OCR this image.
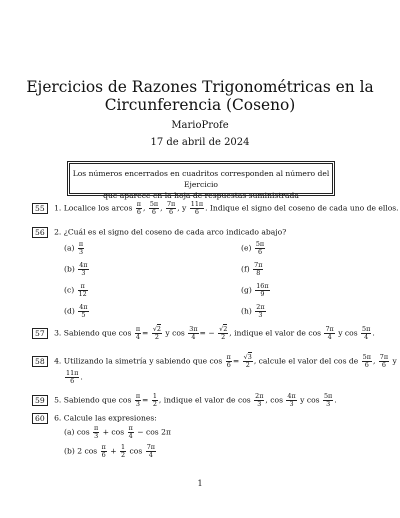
Ejercicios de Razones Trigonométricas en la
Circunferencia (Coseno)
MarioProfe
17 de abril de 2024
Los números encerrados en cuadritos corresponden al número del Ejercicio
que aparece en la hoja de respuestas suministrada
55 1. Localice los arcos $\frac{\pi}{6}$ , $\frac{5\pi}{6}$ , $\frac{7\pi}{6}$ , y $\frac{11\pi}{6}$ . Indique el signo del coseno de cada uno de ellos.
56 2. ¿Cuál es el signo del coseno de cada arco indicado abajo?
$(a) \frac{\pi}{3}$
$(b) \frac{4\pi}{3}$
$(c) \frac{\pi}{12}$
$(d) \frac{4\pi}{5}$
$(e) \frac{5\pi}{6}$
$(f) \frac{7\pi}{8}$
$(g) \frac{16\pi}{9}$
$(h) \frac{2\pi}{3}$
57 3. Sabiendo que $\cos \frac{\pi}{4} = \frac{√2}{2}$ y $\cos \frac{3\pi}{4}$ = − $\frac{√2}{2}$ , indique el valor de $\cos \frac{7\pi}{4}$ y $\cos \frac{5\pi}{4}$ .
58 4. Utilizando la simetría y sabiendo que $\cos \frac{\pi}{6} = \frac{√3}{2}$ , calcule el valor del cos de $\frac{5\pi}{6}$ , $\frac{7\pi}{6}$ y
$\frac{11\pi}{6}$ .
59 5. Sabiendo que $\cos \frac{\pi}{3} = \frac{1}{2}$ , indique el valor de $\cos \frac{2\pi}{3}$ , $\cos \frac{4\pi}{3}$ y $\cos \frac{5\pi}{3}$ .
60 6. Calcule las expresiones:
(a) $\cos \frac{\pi}{3} + \cos \frac{\pi}{4} - \cos 2\pi$
(b) 2 $\cos \frac{\pi}{6} + \frac{1}{2}$ $\cos \frac{7\pi}{4}$
1
